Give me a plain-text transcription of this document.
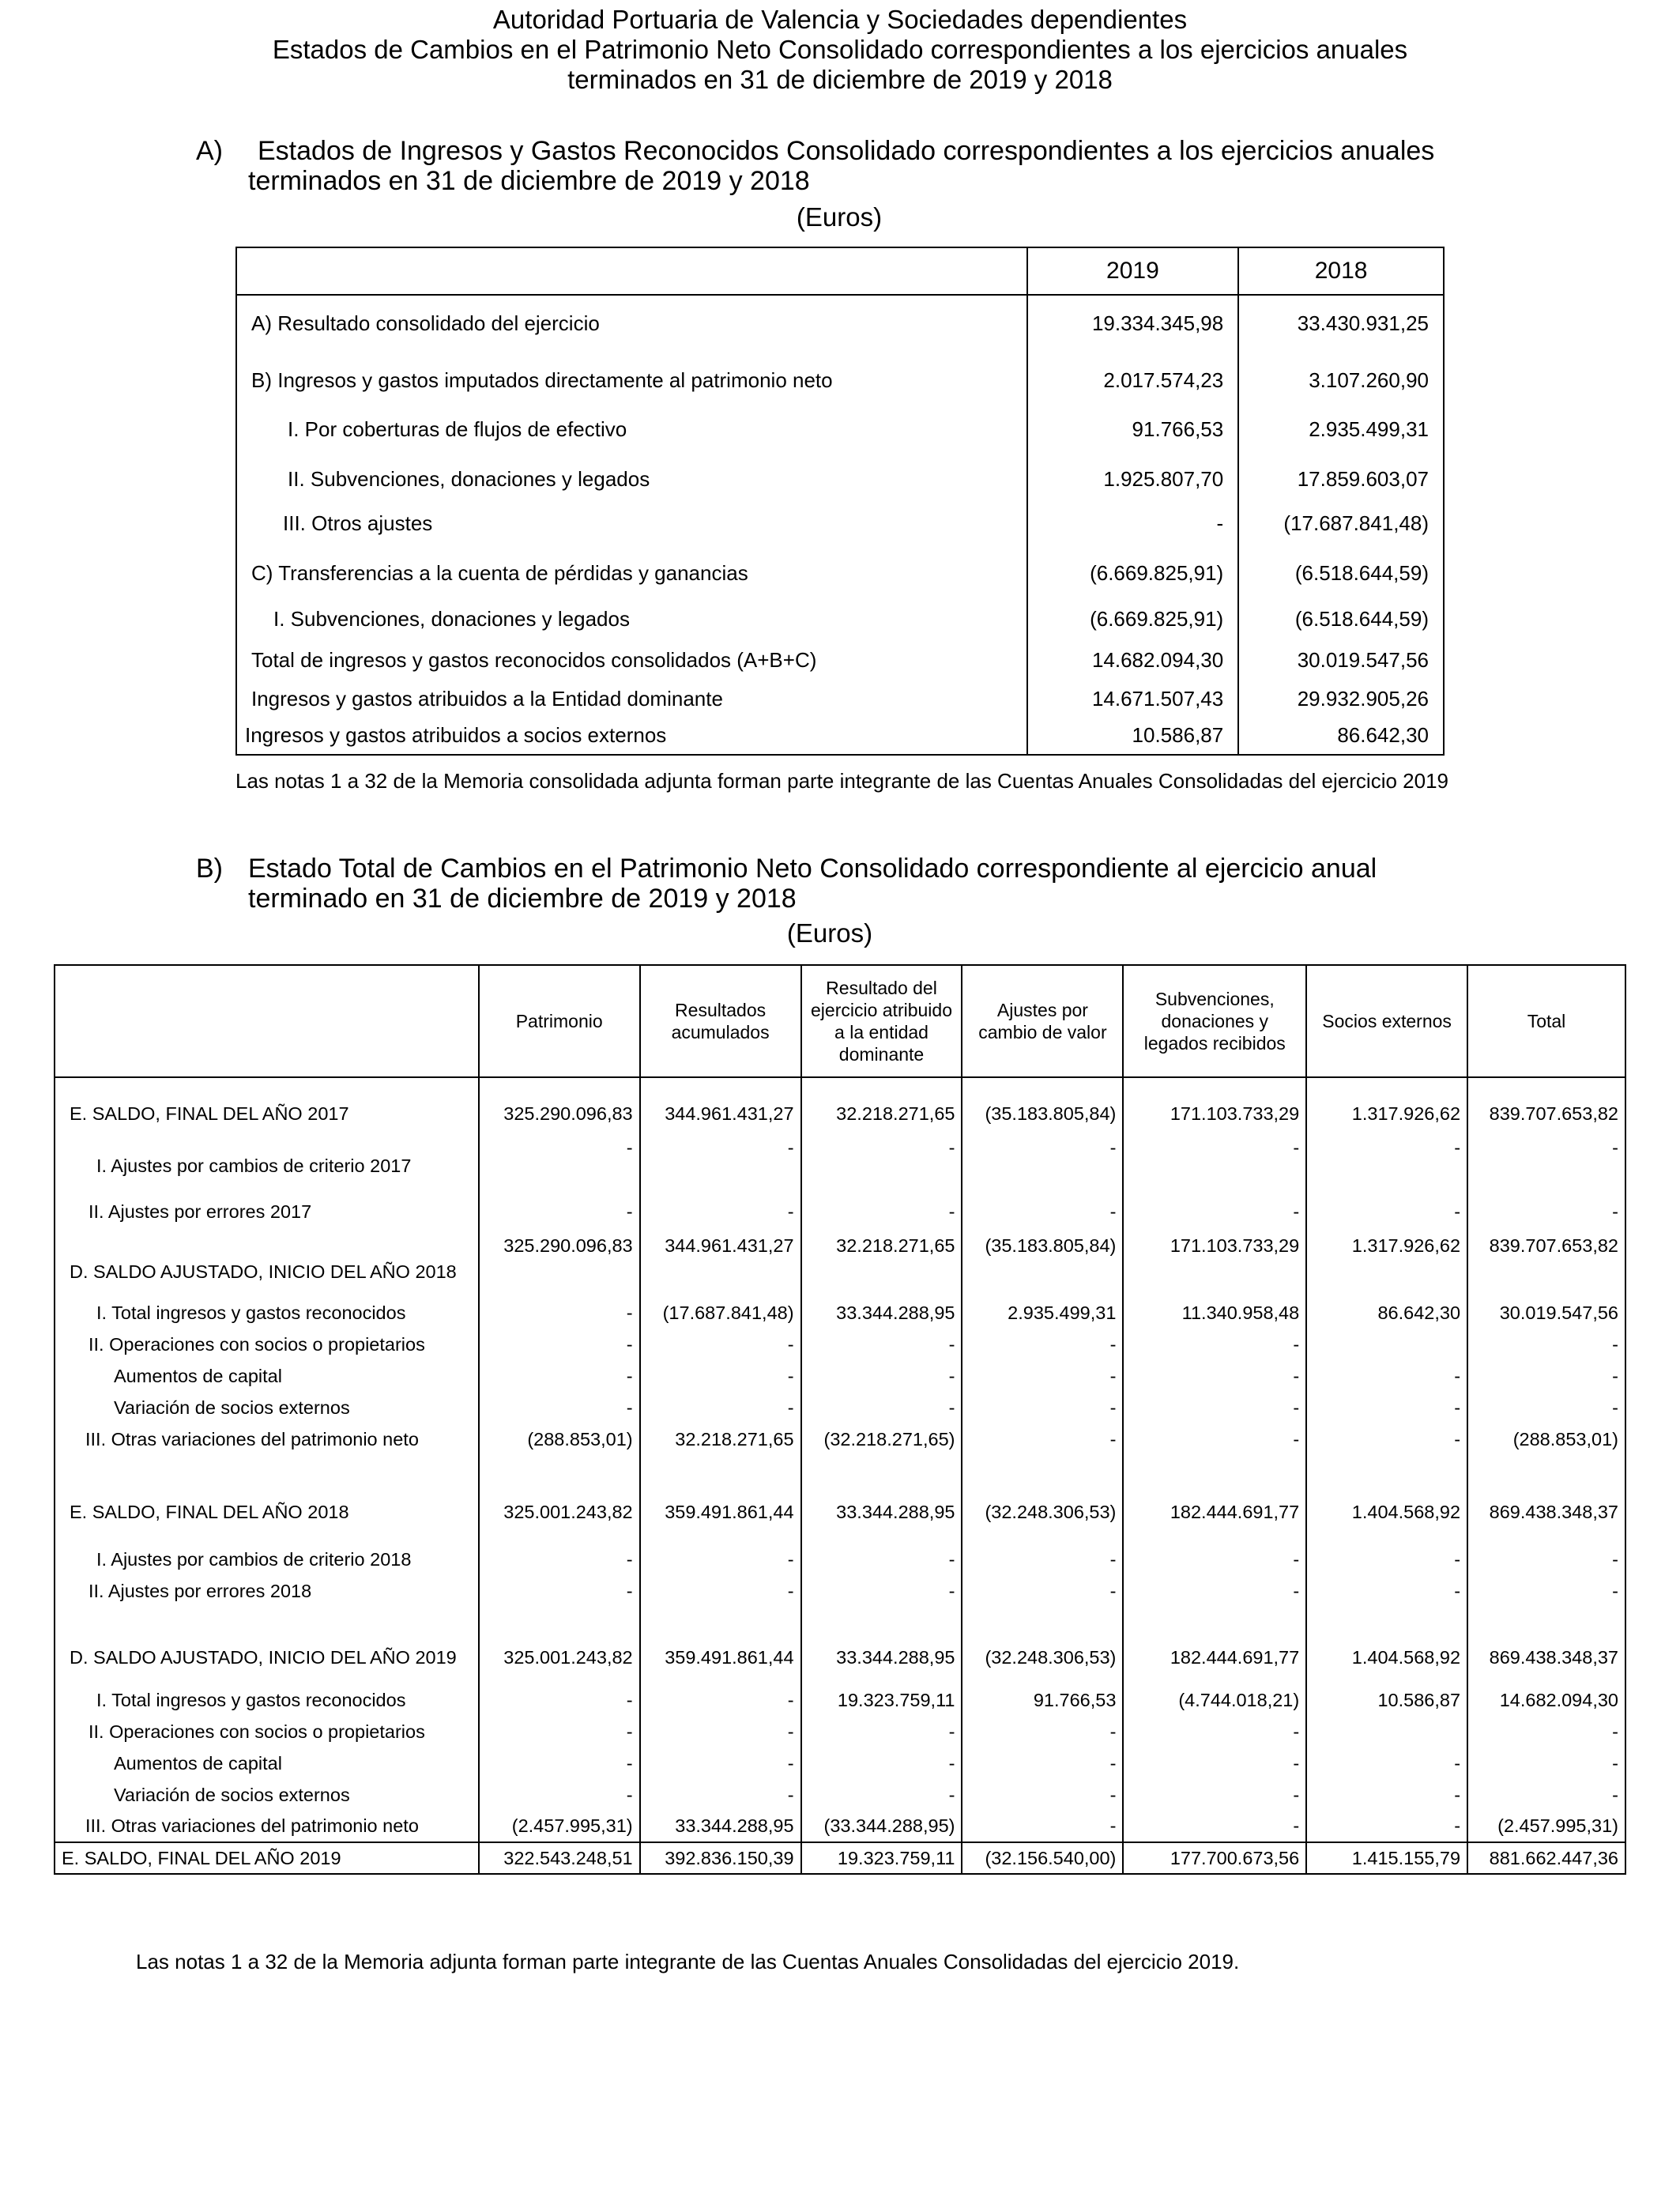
Autoridad Portuaria de Valencia y Sociedades dependientes
Estados de Cambios en el Patrimonio Neto Consolidado correspondientes a los ejercicios anuales
terminados en 31 de diciembre de 2019 y 2018
A) Estados de Ingresos y Gastos Reconocidos Consolidado correspondientes a los ejercicios anuales
terminados en 31 de diciembre de 2019 y 2018
(Euros)
	2019	2018
A) Resultado consolidado del ejercicio	19.334.345,98	33.430.931,25
B) Ingresos y gastos imputados directamente al patrimonio neto	2.017.574,23	3.107.260,90
I. Por coberturas de flujos de efectivo	91.766,53	2.935.499,31
II. Subvenciones, donaciones y legados	1.925.807,70	17.859.603,07
III. Otros ajustes	-	(17.687.841,48)
C) Transferencias a la cuenta de pérdidas y ganancias	(6.669.825,91)	(6.518.644,59)
I. Subvenciones, donaciones y legados	(6.669.825,91)	(6.518.644,59)
Total de ingresos y gastos reconocidos consolidados (A+B+C)	14.682.094,30	30.019.547,56
Ingresos y gastos atribuidos a la Entidad dominante	14.671.507,43	29.932.905,26
Ingresos y gastos atribuidos a socios externos	10.586,87	86.642,30
Las notas 1 a 32 de la Memoria consolidada adjunta forman parte integrante de las Cuentas Anuales Consolidadas del ejercicio 2019
B) Estado Total de Cambios en el Patrimonio Neto Consolidado correspondiente al ejercicio anual
terminado en 31 de diciembre de 2019 y 2018
(Euros)
	Patrimonio	Resultados acumulados	Resultado del ejercicio atribuido a la entidad dominante	Ajustes por cambio de valor	Subvenciones, donaciones y legados recibidos	Socios externos	Total
E. SALDO, FINAL DEL AÑO 2017	325.290.096,83	344.961.431,27	32.218.271,65	(35.183.805,84)	171.103.733,29	1.317.926,62	839.707.653,82
I. Ajustes por cambios de criterio 2017	-	-	-	-	-	-	-
II. Ajustes por errores 2017	-	-	-	-	-	-	-
D. SALDO AJUSTADO, INICIO DEL AÑO 2018	325.290.096,83	344.961.431,27	32.218.271,65	(35.183.805,84)	171.103.733,29	1.317.926,62	839.707.653,82
I. Total ingresos y gastos reconocidos	-	(17.687.841,48)	33.344.288,95	2.935.499,31	11.340.958,48	86.642,30	30.019.547,56
II. Operaciones con socios o propietarios	-	-	-	-	-		-
Aumentos de capital	-	-	-	-	-	-	-
Variación de socios externos	-	-	-	-	-	-	-
III. Otras variaciones del patrimonio neto	(288.853,01)	32.218.271,65	(32.218.271,65)	-	-	-	(288.853,01)
E. SALDO, FINAL DEL AÑO 2018	325.001.243,82	359.491.861,44	33.344.288,95	(32.248.306,53)	182.444.691,77	1.404.568,92	869.438.348,37
I. Ajustes por cambios de criterio 2018	-	-	-	-	-	-	-
II. Ajustes por errores 2018	-	-	-	-	-	-	-
D. SALDO AJUSTADO, INICIO DEL AÑO 2019	325.001.243,82	359.491.861,44	33.344.288,95	(32.248.306,53)	182.444.691,77	1.404.568,92	869.438.348,37
I. Total ingresos y gastos reconocidos	-	-	19.323.759,11	91.766,53	(4.744.018,21)	10.586,87	14.682.094,30
II. Operaciones con socios o propietarios	-	-	-	-	-		-
Aumentos de capital	-	-	-	-	-	-	-
Variación de socios externos	-	-	-	-	-	-	-
III. Otras variaciones del patrimonio neto	(2.457.995,31)	33.344.288,95	(33.344.288,95)	-	-	-	(2.457.995,31)
E. SALDO, FINAL DEL AÑO 2019	322.543.248,51	392.836.150,39	19.323.759,11	(32.156.540,00)	177.700.673,56	1.415.155,79	881.662.447,36
Las notas 1 a 32 de la Memoria adjunta forman parte integrante de las Cuentas Anuales Consolidadas del ejercicio 2019.
